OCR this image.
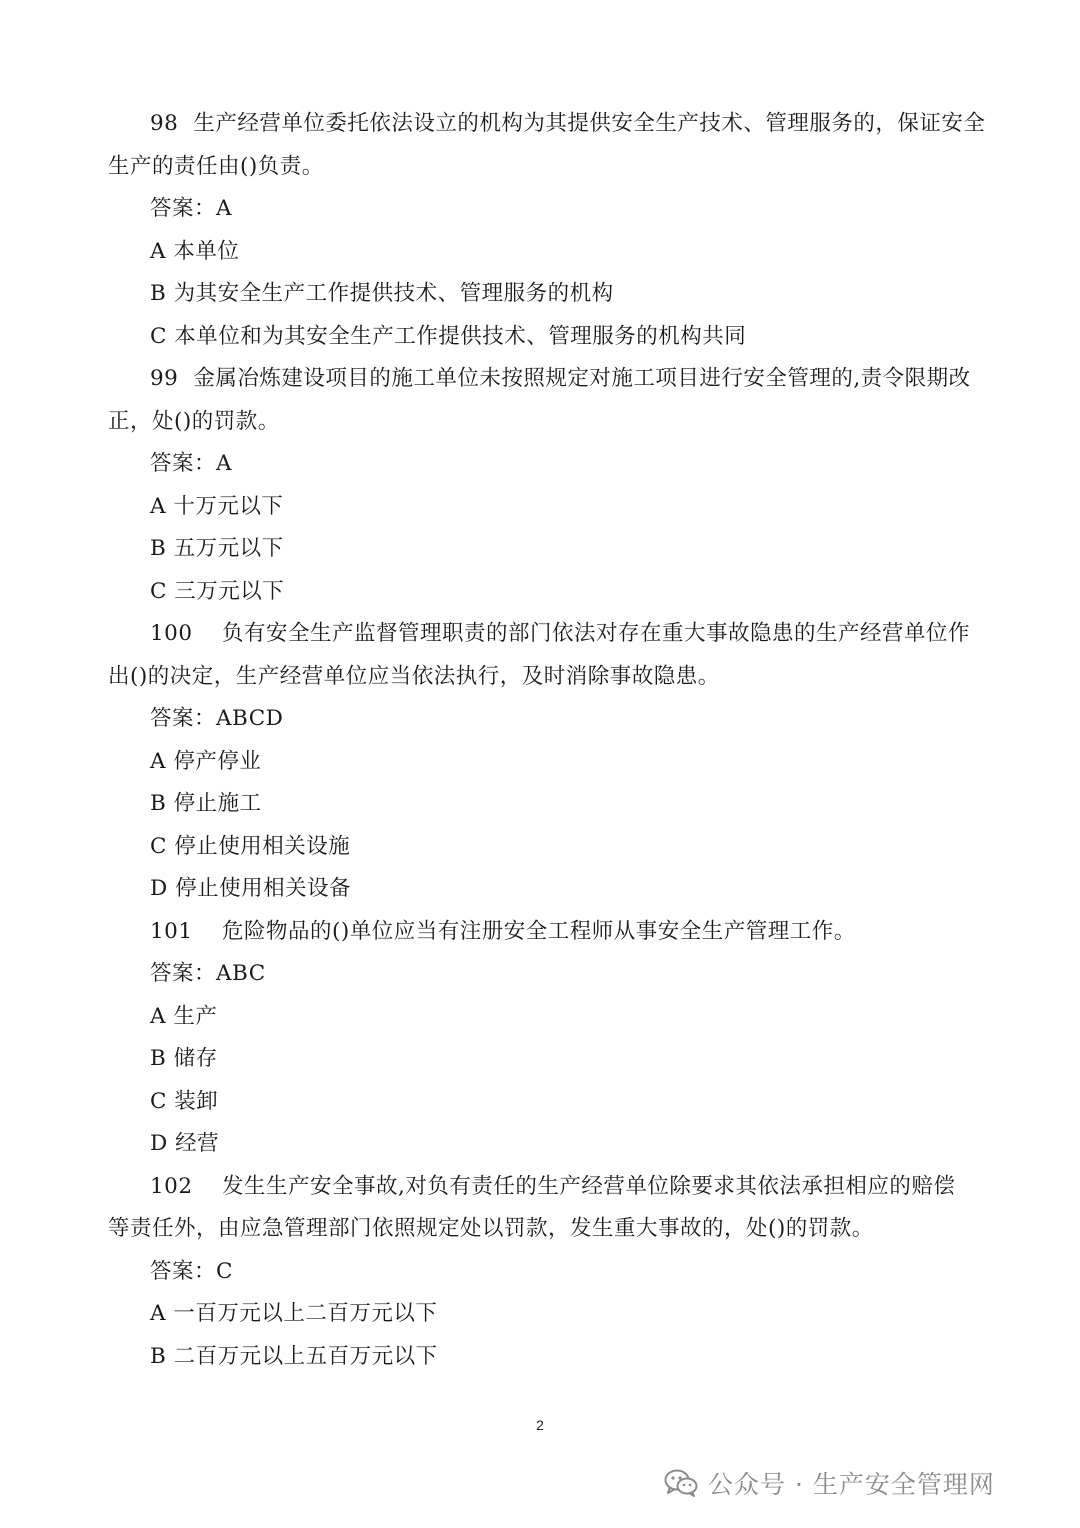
98 生产经营单位委托依法设立的机构为其提供安全生产技术、管理服务的，保证安全
生产的责任由()负责。
答案：A
A 本单位
B 为其安全生产工作提供技术、管理服务的机构
C 本单位和为其安全生产工作提供技术、管理服务的机构共同
99 金属冶炼建设项目的施工单位未按照规定对施工项目进行安全管理的,责令限期改
正，处()的罚款。
答案：A
A 十万元以下
B 五万元以下
C 三万元以下
100 负有安全生产监督管理职责的部门依法对存在重大事故隐患的生产经营单位作
出()的决定，生产经营单位应当依法执行，及时消除事故隐患。
答案：ABCD
A 停产停业
B 停止施工
C 停止使用相关设施
D 停止使用相关设备
101 危险物品的()单位应当有注册安全工程师从事安全生产管理工作。
答案：ABC
A 生产
B 储存
C 装卸
D 经营
102 发生生产安全事故,对负有责任的生产经营单位除要求其依法承担相应的赔偿
等责任外，由应急管理部门依照规定处以罚款，发生重大事故的，处()的罚款。
答案：C
A 一百万元以上二百万元以下
B 二百万元以上五百万元以下
2
公众号 · 生产安全管理网
